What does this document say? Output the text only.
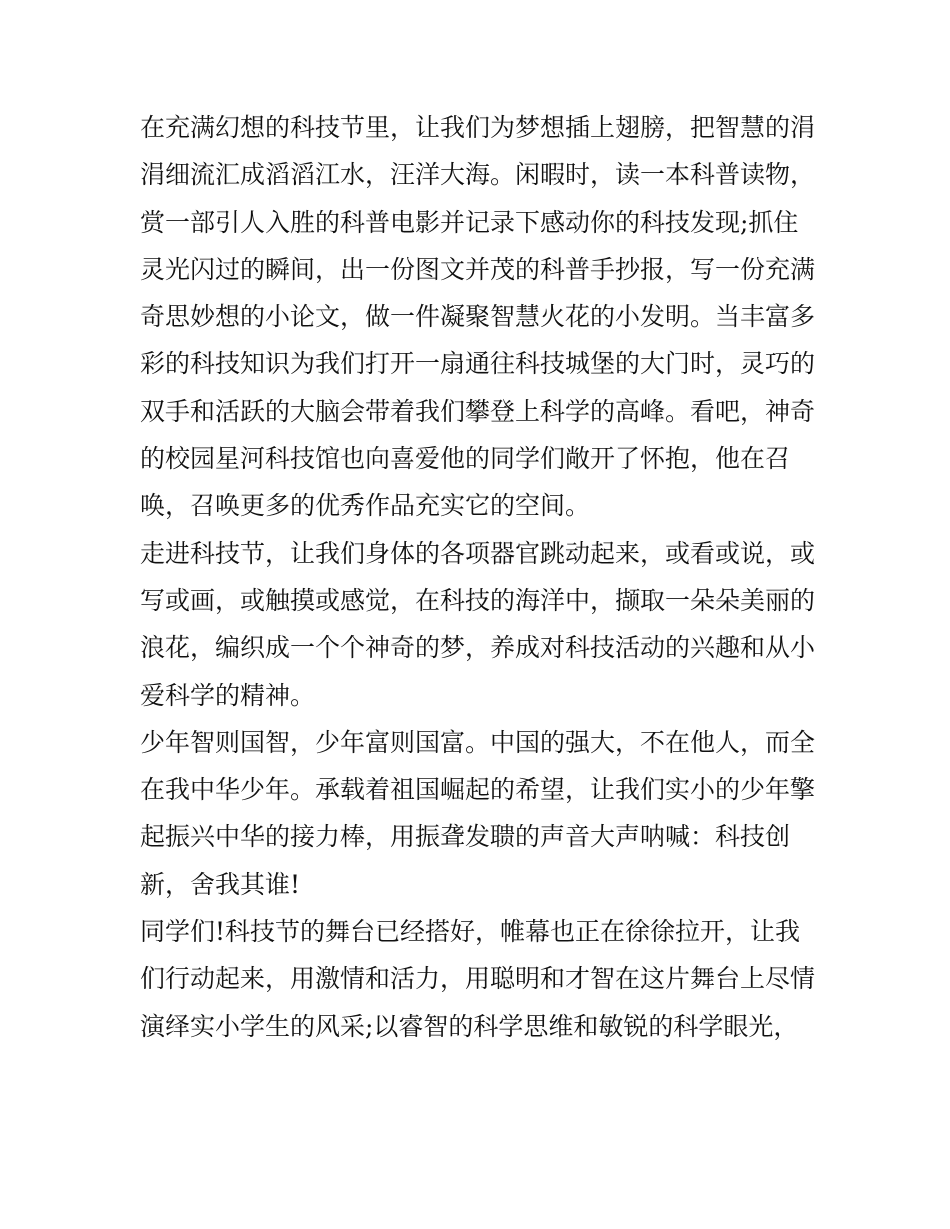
在充满幻想的科技节里，让我们为梦想插上翅膀，把智慧的涓
涓细流汇成滔滔江水，汪洋大海。闲暇时，读一本科普读物，
赏一部引人入胜的科普电影并记录下感动你的科技发现;抓住
灵光闪过的瞬间，出一份图文并茂的科普手抄报，写一份充满
奇思妙想的小论文，做一件凝聚智慧火花的小发明。当丰富多
彩的科技知识为我们打开一扇通往科技城堡的大门时，灵巧的
双手和活跃的大脑会带着我们攀登上科学的高峰。看吧，神奇
的校园星河科技馆也向喜爱他的同学们敞开了怀抱，他在召
唤，召唤更多的优秀作品充实它的空间。
走进科技节，让我们身体的各项器官跳动起来，或看或说，或
写或画，或触摸或感觉，在科技的海洋中，撷取一朵朵美丽的
浪花，编织成一个个神奇的梦，养成对科技活动的兴趣和从小
爱科学的精神。
少年智则国智，少年富则国富。中国的强大，不在他人，而全
在我中华少年。承载着祖国崛起的希望，让我们实小的少年擎
起振兴中华的接力棒，用振聋发聩的声音大声呐喊：科技创
新，舍我其谁!
同学们!科技节的舞台已经搭好，帷幕也正在徐徐拉开，让我
们行动起来，用激情和活力，用聪明和才智在这片舞台上尽情
演绎实小学生的风采;以睿智的科学思维和敏锐的科学眼光，
